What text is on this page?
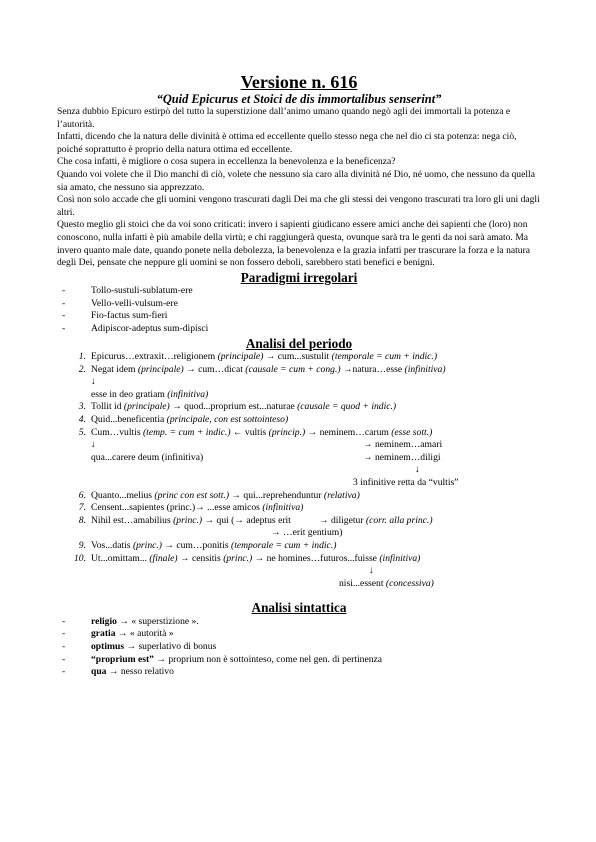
Versione n. 616
“Quid Epicurus et Stoici de dis immortalibus senserint”

Senza dubbio Epicuro estirpò del tutto la superstizione dall’animo umano quando negò agli dei immortali la potenza e l’autorità.

Infatti, dicendo che la natura delle divinità è ottima ed eccellente quello stesso nega che nel dio ci sta potenza: nega ciò, poiché soprattutto è proprio della natura ottima ed eccellente.

Che cosa infatti, è migliore o cosa supera in eccellenza la benevolenza e la beneficenza?

Quando voi volete che il Dio manchi di ciò, volete che nessuno sia caro alla divinità né Dio, né uomo, che nessuno da quella sia amato, che nessuno sia apprezzato.

Così non solo accade che gli uomini vengono trascurati dagli Dei ma che gli stessi dei vengono trascurati tra loro gli uni dagli altri.

Questo meglio gli stoici che da voi sono criticati: invero i sapienti giudicano essere amici anche dei sapienti che (loro) non conoscono, nulla infatti è più amabile della virtù; e chi raggiungerà questa, ovunque sarà tra le genti da noi sarà amato. Ma invero quanto male date, quando ponete nella debolezza, la benevolenza e la grazia infatti per trascurare la forza e la natura degli Dei, pensate che neppure gli uomini se non fossero deboli, sarebbero stati benefici e benigni.

Paradigmi irregolari
- Tollo-sustuli-sublatum-ere
- Vello-velli-vulsum-ere
- Fio-factus sum-fieri
- Adipiscor-adeptus sum-dipisci
Analisi del periodo
1. Epicurus…extraxit…religionem (principale) → cum...sustulit (temporale = cum + indic.)
2. Negat idem (principale) → cum…dicat (causale = cum + cong.) →natura…esse (infinitiva)
↓
esse in deo gratiam (infinitiva)
3. Tollit id (principale) → quod...proprium est...naturae (causale = quod + indic.)
4. Quid...beneficentia (principale, con est sottointeso)
5. Cum…vultis (temp. = cum + indic.) ← vultis (princip.) → neminem…carum (esse sott.)
↓	→ neminem…amari
qua...carere deum (infinitiva)	→ neminem…diligi
↓
3 infinitive retta da “vultis”
6. Quanto...melius (princ con est sott.) → qui...reprehenduntur (relativa)
7. Censent...sapientes (princ.)→ ...esse amicos (infinitiva)
8. Nihil est…amabilius (princ.) → qui (→ adeptus erit	→ diligetur (corr. alla princ.)
→ …erit gentium)
9. Vos...datis (princ.) → cum…ponitis (temporale = cum + indic.)
10. Ut...omittam... (finale) → censitis (princ.) → ne homines…futuros...fuisse (infinitiva)
↓
nisi...essent (concessiva)
Analisi sintattica
- religio → « superstizione ».
- gratia → « autorità »
- optimus → superlativo di bonus
- “proprium est” → proprium non è sottointeso, come nel gen. di pertinenza
- qua → nesso relativo
